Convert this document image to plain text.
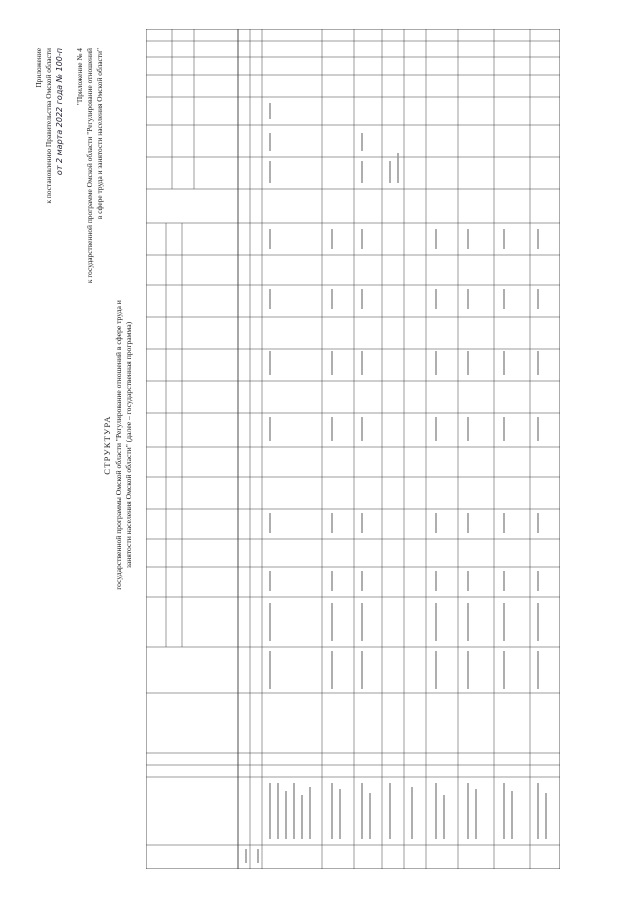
Приложение к постановлению Правительства Омской области от 2 марта 2022 года № 100-п "Приложение № 4 к государственной программе Омской области "Регулирование отношений в сфере труда и занятости населения Омской области"
СТРУКТУРА государственной программы Омской области "Регулирование отношений в сфере труда и занятости населения Омской области" (далее – государственная программа)
